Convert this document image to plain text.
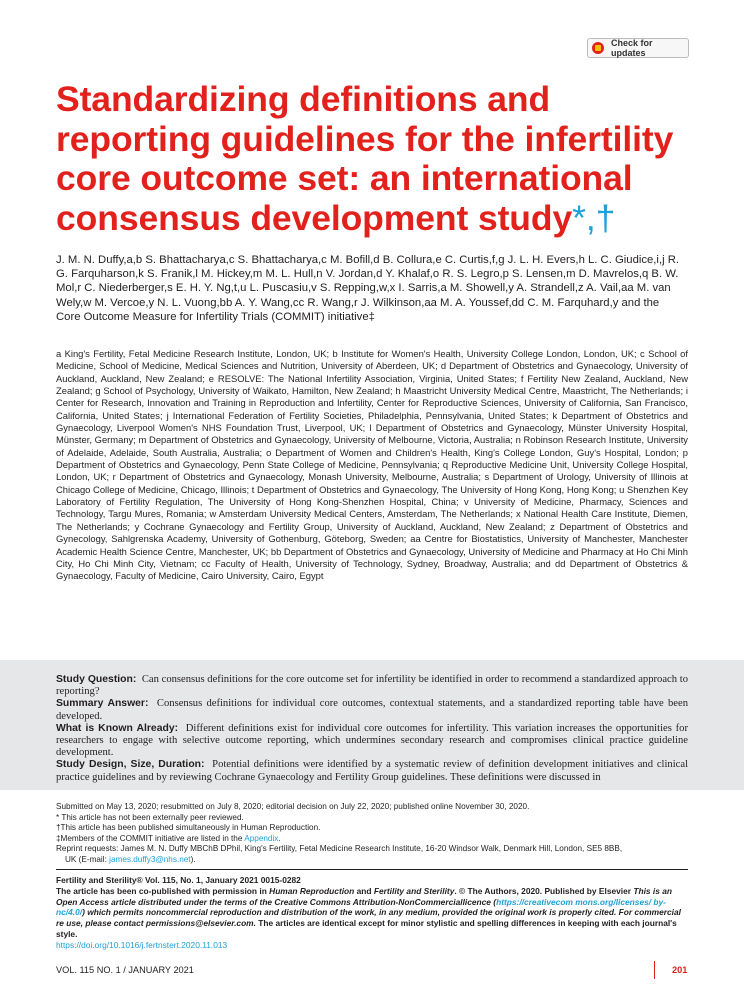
Check for updates
Standardizing definitions and reporting guidelines for the infertility core outcome set: an international consensus development study*,†

J. M. N. Duffy,a,b S. Bhattacharya,c S. Bhattacharya,c M. Bofill,d B. Collura,e C. Curtis,f,g J. L. H. Evers,h L. C. Giudice,i,j R. G. Farquharson,k S. Franik,l M. Hickey,m M. L. Hull,n V. Jordan,d Y. Khalaf,o R. S. Legro,p S. Lensen,m D. Mavrelos,q B. W. Mol,r C. Niederberger,s E. H. Y. Ng,t,u L. Puscasiu,v S. Repping,w,x I. Sarris,a M. Showell,y A. Strandell,z A. Vail,aa M. van Wely,w M. Vercoe,y N. L. Vuong,bb A. Y. Wang,cc R. Wang,r J. Wilkinson,aa M. A. Youssef,dd C. M. Farquhard,y and the Core Outcome Measure for Infertility Trials (COMMIT) initiative‡

a King's Fertility, Fetal Medicine Research Institute, London, UK; b Institute for Women's Health, University College London, London, UK; c School of Medicine, School of Medicine, Medical Sciences and Nutrition, University of Aberdeen, UK; d Department of Obstetrics and Gynaecology, University of Auckland, Auckland, New Zealand; e RESOLVE: The National Infertility Association, Virginia, United States; f Fertility New Zealand, Auckland, New Zealand; g School of Psychology, University of Waikato, Hamilton, New Zealand; h Maastricht University Medical Centre, Maastricht, The Netherlands; i Center for Research, Innovation and Training in Reproduction and Infertility, Center for Reproductive Sciences, University of California, San Francisco, California, United States; j International Federation of Fertility Societies, Philadelphia, Pennsylvania, United States; k Department of Obstetrics and Gynaecology, Liverpool Women's NHS Foundation Trust, Liverpool, UK; l Department of Obstetrics and Gynaecology, Münster University Hospital, Münster, Germany; m Department of Obstetrics and Gynaecology, University of Melbourne, Victoria, Australia; n Robinson Research Institute, University of Adelaide, Adelaide, South Australia, Australia; o Department of Women and Children's Health, King's College London, Guy's Hospital, London; p Department of Obstetrics and Gynaecology, Penn State College of Medicine, Pennsylvania; q Reproductive Medicine Unit, University College Hospital, London, UK; r Department of Obstetrics and Gynaecology, Monash University, Melbourne, Australia; s Department of Urology, University of Illinois at Chicago College of Medicine, Chicago, Illinois; t Department of Obstetrics and Gynaecology, The University of Hong Kong, Hong Kong; u Shenzhen Key Laboratory of Fertility Regulation, The University of Hong Kong-Shenzhen Hospital, China; v University of Medicine, Pharmacy, Sciences and Technology, Targu Mures, Romania; w Amsterdam University Medical Centers, Amsterdam, The Netherlands; x National Health Care Institute, Diemen, The Netherlands; y Cochrane Gynaecology and Fertility Group, University of Auckland, Auckland, New Zealand; z Department of Obstetrics and Gynecology, Sahlgrenska Academy, University of Gothenburg, Göteborg, Sweden; aa Centre for Biostatistics, University of Manchester, Manchester Academic Health Science Centre, Manchester, UK; bb Department of Obstetrics and Gynaecology, University of Medicine and Pharmacy at Ho Chi Minh City, Ho Chi Minh City, Vietnam; cc Faculty of Health, University of Technology, Sydney, Broadway, Australia; and dd Department of Obstetrics & Gynaecology, Faculty of Medicine, Cairo University, Cairo, Egypt

Study Question: Can consensus definitions for the core outcome set for infertility be identified in order to recommend a standardized approach to reporting?

Summary Answer: Consensus definitions for individual core outcomes, contextual statements, and a standardized reporting table have been developed.

What is Known Already: Different definitions exist for individual core outcomes for infertility. This variation increases the opportunities for researchers to engage with selective outcome reporting, which undermines secondary research and compromises clinical practice guideline development.

Study Design, Size, Duration: Potential definitions were identified by a systematic review of definition development initiatives and clinical practice guidelines and by reviewing Cochrane Gynaecology and Fertility Group guidelines. These definitions were discussed in

Submitted on May 13, 2020; resubmitted on July 8, 2020; editorial decision on July 22, 2020; published online November 30, 2020.

* This article has not been externally peer reviewed.

†This article has been published simultaneously in Human Reproduction.

‡Members of the COMMIT initiative are listed in the Appendix.

Reprint requests: James M. N. Duffy MBChB DPhil, King's Fertility, Fetal Medicine Research Institute, 16-20 Windsor Walk, Denmark Hill, London, SE5 8BB,

UK (E-mail: james.duffy3@nhs.net).

Fertility and Sterility® Vol. 115, No. 1, January 2021 0015-0282

The article has been co-published with permission in Human Reproduction and Fertility and Sterility. © The Authors, 2020. Published by Elsevier This is an Open Access article distributed under the terms of the Creative Commons Attribution-NonCommerciallicence (https://creativecom mons.org/licenses/ by-nc/4.0/) which permits noncommercial reproduction and distribution of the work, in any medium, provided the original work is properly cited. For commercial re use, please contact permissions@elsevier.com. The articles are identical except for minor stylistic and spelling differences in keeping with each journal's style.

https://doi.org/10.1016/j.fertnstert.2020.11.013

VOL. 115 NO. 1 / JANUARY 2021	201
